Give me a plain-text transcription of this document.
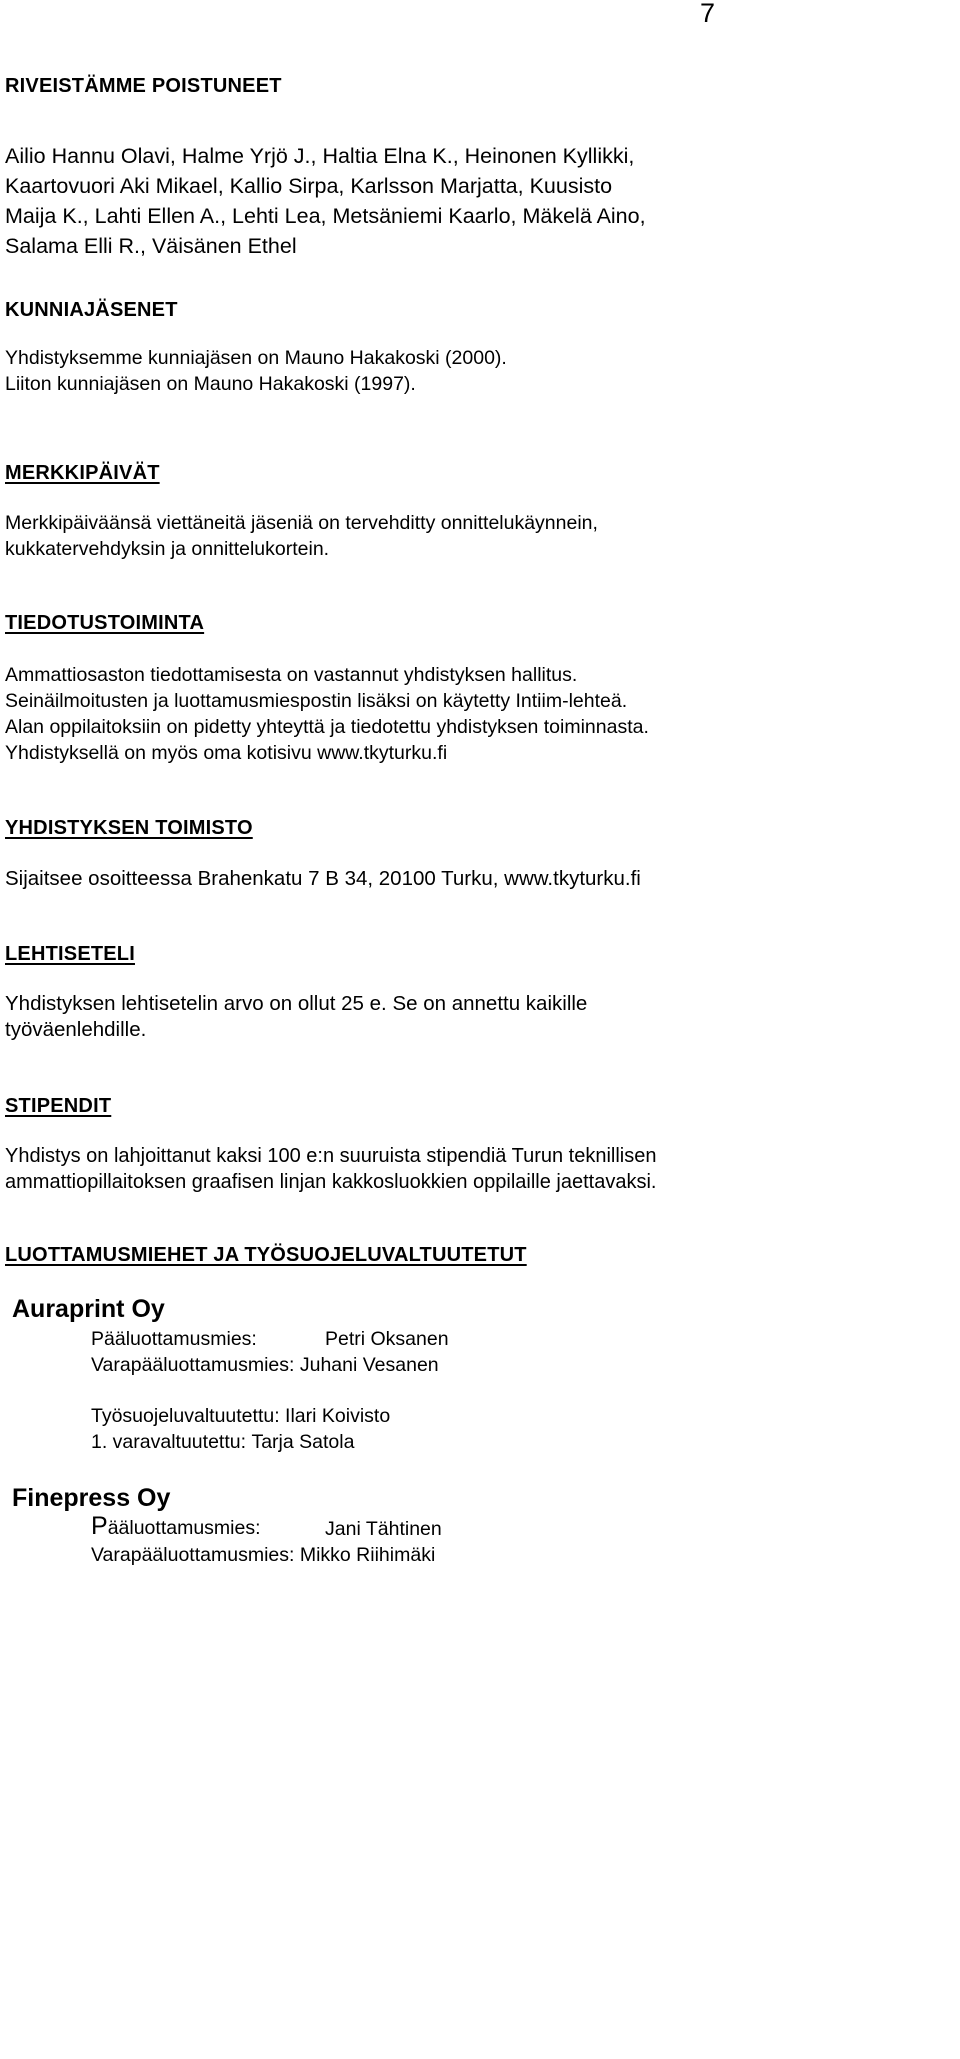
7
RIVEISTÄMME POISTUNEET
Ailio Hannu Olavi, Halme Yrjö J., Haltia Elna K., Heinonen Kyllikki,
Kaartovuori Aki Mikael, Kallio Sirpa, Karlsson Marjatta, Kuusisto
Maija K., Lahti Ellen A., Lehti Lea, Metsäniemi Kaarlo, Mäkelä Aino,
Salama Elli R., Väisänen Ethel
KUNNIAJÄSENET
Yhdistyksemme kunniajäsen on Mauno Hakakoski (2000).
Liiton kunniajäsen on Mauno Hakakoski (1997).
MERKKIPÄIVÄT
Merkkipäiväänsä viettäneitä jäseniä on tervehditty onnittelukäynnein,
kukkatervehdyksin ja onnittelukortein.
TIEDOTUSTOIMINTA
Ammattiosaston tiedottamisesta on vastannut yhdistyksen hallitus.
Seinäilmoitusten ja luottamusmiespostin lisäksi on käytetty Intiim-lehteä.
Alan oppilaitoksiin on pidetty yhteyttä ja tiedotettu yhdistyksen toiminnasta.
Yhdistyksellä on myös oma kotisivu www.tkyturku.fi
YHDISTYKSEN TOIMISTO
Sijaitsee osoitteessa Brahenkatu 7 B 34, 20100 Turku, www.tkyturku.fi
LEHTISETELI
Yhdistyksen lehtisetelin arvo on ollut 25 e. Se on annettu kaikille
työväenlehdille.
STIPENDIT
Yhdistys on lahjoittanut kaksi 100 e:n suuruista stipendiä Turun teknillisen
ammattiopillaitoksen graafisen linjan kakkosluokkien oppilaille jaettavaksi.
LUOTTAMUSMIEHET JA TYÖSUOJELUVALTUUTETUT
Auraprint Oy
Pääluottamusmies:	Petri Oksanen
Varapääluottamusmies: Juhani Vesanen
Työsuojeluvaltuutettu: Ilari Koivisto
1. varavaltuutettu: Tarja Satola
Finepress Oy
Pääluottamusmies:	Jani Tähtinen
Varapääluottamusmies: Mikko Riihimäki
